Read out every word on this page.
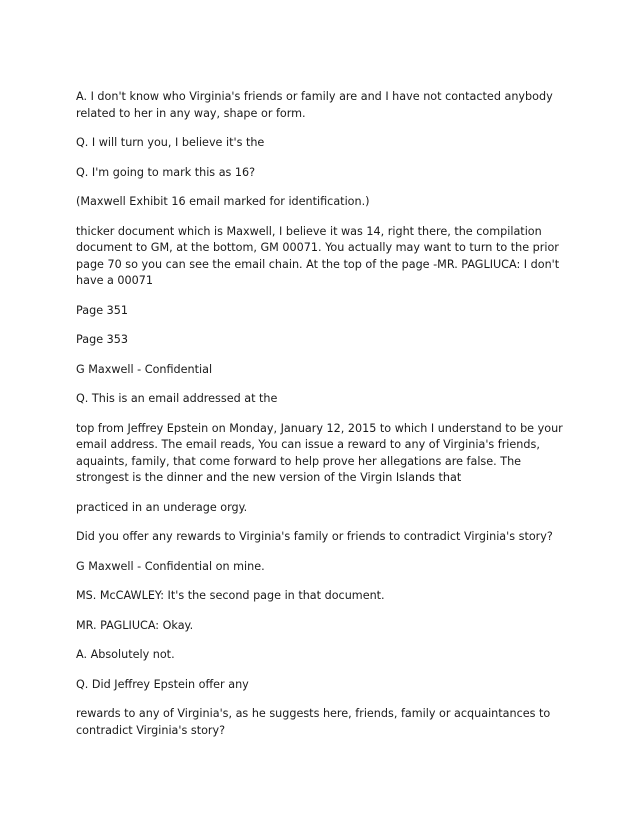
A. I don't know who Virginia's friends or family are and I have not contacted anybody related to her in any way, shape or form.

Q. I will turn you, I believe it's the

Q. I'm going to mark this as 16?

(Maxwell Exhibit 16 email marked for identification.)

thicker document which is Maxwell, I believe it was 14, right there, the compilation document to GM, at the bottom, GM 00071. You actually may want to turn to the prior page 70 so you can see the email chain. At the top of the page -MR. PAGLIUCA: I don't have a 00071

Page 351

Page 353

G Maxwell - Confidential

Q. This is an email addressed at the

top from Jeffrey Epstein on Monday, January 12, 2015 to which I understand to be your email address. The email reads, You can issue a reward to any of Virginia's friends, aquaints, family, that come forward to help prove her allegations are false. The strongest is the dinner and the new version of the Virgin Islands that

practiced in an underage orgy.

Did you offer any rewards to Virginia's family or friends to contradict Virginia's story?

G Maxwell - Confidential on mine.

MS. McCAWLEY: It's the second page in that document.

MR. PAGLIUCA: Okay.

A. Absolutely not.

Q. Did Jeffrey Epstein offer any

rewards to any of Virginia's, as he suggests here, friends, family or acquaintances to contradict Virginia's story?
